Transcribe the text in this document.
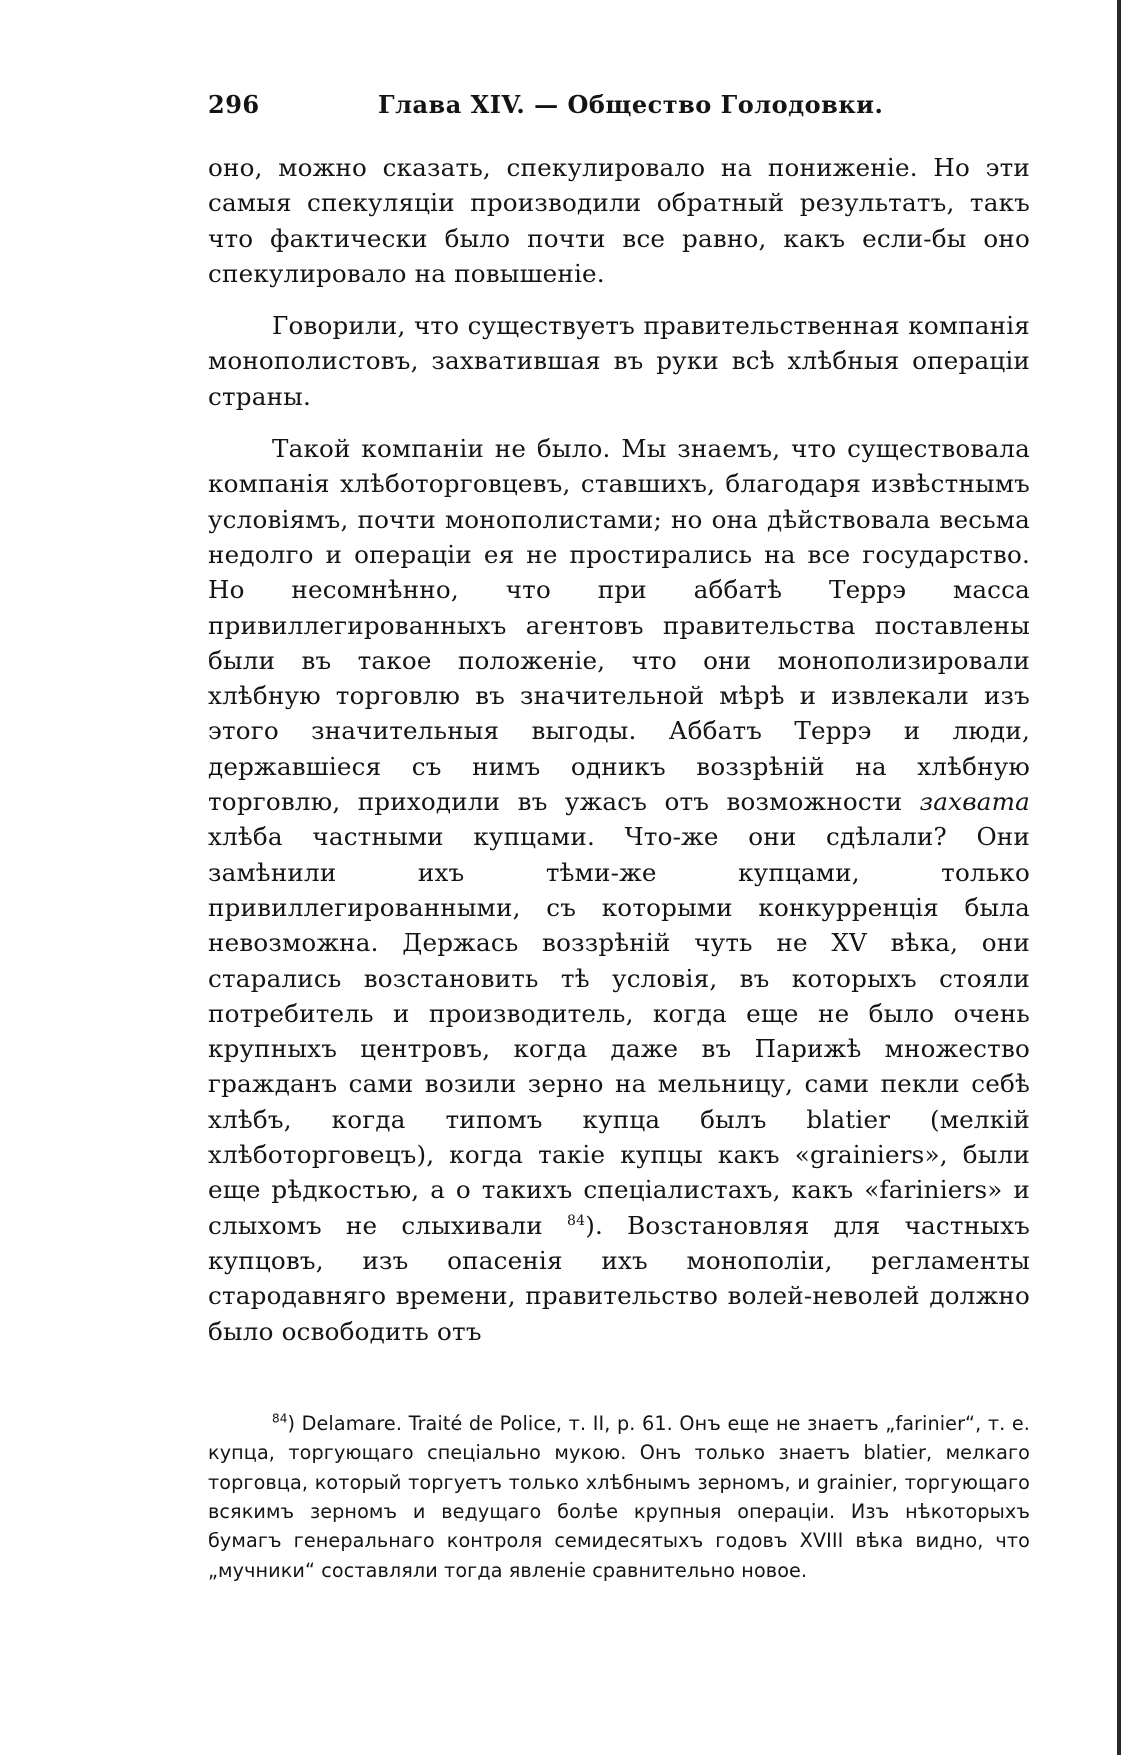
296	Глава XIV. — Общество Голодовки.

оно, можно сказать, спекулировало на пониженіе. Но эти самыя спекуляціи производили обратный результатъ, такъ что фактически было почти все равно, какъ если-бы оно спекулировало на повышеніе.

Говорили, что существуетъ правительственная компанія монополистовъ, захватившая въ руки всѣ хлѣбныя операціи страны.

Такой компаніи не было. Мы знаемъ, что существовала компанія хлѣботорговцевъ, ставшихъ, благодаря извѣстнымъ условіямъ, почти монополистами; но она дѣйствовала весьма недолго и операціи ея не простирались на все государство. Но несомнѣнно, что при аббатѣ Террэ масса привиллегированныхъ агентовъ правительства поставлены были въ такое положеніе, что они монополизировали хлѣбную торговлю въ значительной мѣрѣ и извлекали изъ этого значительныя выгоды. Аббатъ Террэ и люди, державшіеся съ нимъ одникъ воззрѣній на хлѣбную торговлю, приходили въ ужасъ отъ возможности захвата хлѣба частными купцами. Что-же они сдѣлали? Они замѣнили ихъ тѣми-же купцами, только привиллегированными, съ которыми конкурренція была невозможна. Держась воззрѣній чуть не XV вѣка, они старались возстановить тѣ условія, въ которыхъ стояли потребитель и производитель, когда еще не было очень крупныхъ центровъ, когда даже въ Парижѣ множество гражданъ сами возили зерно на мельницу, сами пекли себѣ хлѣбъ, когда типомъ купца былъ blatier (мелкій хлѣботорговецъ), когда такіе купцы какъ «grainiers», были еще рѣдкостью, а о такихъ спеціалистахъ, какъ «fariniers» и слыхомъ не слыхивали $^{84}$). Возстановляя для частныхъ купцовъ, изъ опасенія ихъ монополіи, регламенты стародавняго времени, правительство волей-неволей должно было освободить отъ

$^{84}$) Delamare. Traité de Police, т. II, p. 61. Онъ еще не знаетъ „farinier“, т. е. купца, торгующаго спеціально мукою. Онъ только знаетъ blatier, мелкаго торговца, который торгуетъ только хлѣбнымъ зерномъ, и grainier, торгующаго всякимъ зерномъ и ведущаго болѣе крупныя операціи. Изъ нѣкоторыхъ бумагъ генеральнаго контроля семидесятыхъ годовъ XVIII вѣка видно, что „мучники“ составляли тогда явленіе сравнительно новое.
